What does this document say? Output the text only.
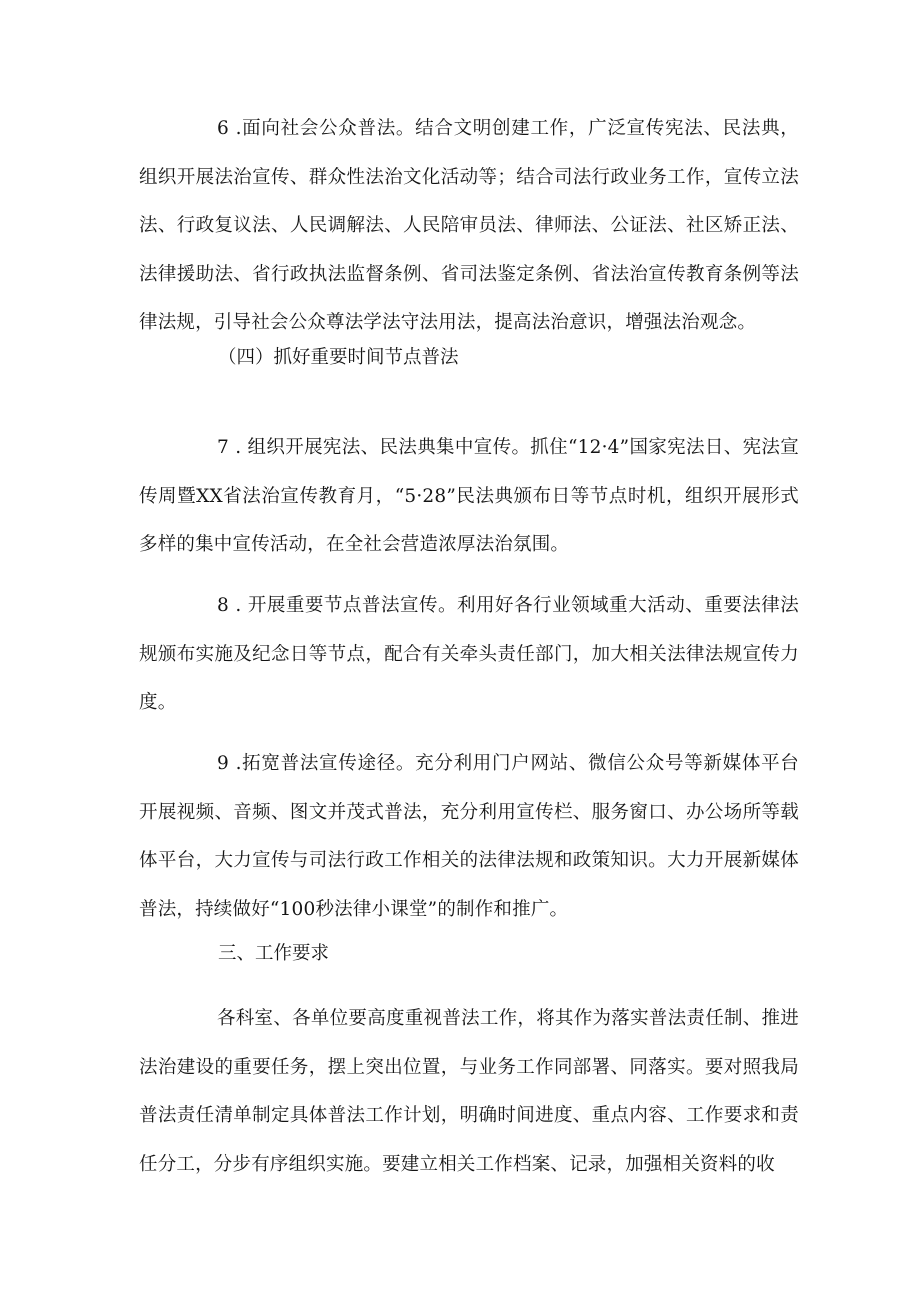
6 .面向社会公众普法。结合文明创建工作，广泛宣传宪法、民法典，组织开展法治宣传、群众性法治文化活动等；结合司法行政业务工作，宣传立法法、行政复议法、人民调解法、人民陪审员法、律师法、公证法、社区矫正法、法律援助法、省行政执法监督条例、省司法鉴定条例、省法治宣传教育条例等法律法规，引导社会公众尊法学法守法用法，提高法治意识，增强法治观念。

（四）抓好重要时间节点普法

7 . 组织开展宪法、民法典集中宣传。抓住“12·4”国家宪法日、宪法宣传周暨XX省法治宣传教育月，“5·28”民法典颁布日等节点时机，组织开展形式多样的集中宣传活动，在全社会营造浓厚法治氛围。

8 . 开展重要节点普法宣传。利用好各行业领域重大活动、重要法律法规颁布实施及纪念日等节点，配合有关牵头责任部门，加大相关法律法规宣传力度。

9 .拓宽普法宣传途径。充分利用门户网站、微信公众号等新媒体平台开展视频、音频、图文并茂式普法，充分利用宣传栏、服务窗口、办公场所等载体平台，大力宣传与司法行政工作相关的法律法规和政策知识。大力开展新媒体普法，持续做好“100秒法律小课堂”的制作和推广。

三、工作要求

各科室、各单位要高度重视普法工作，将其作为落实普法责任制、推进法治建设的重要任务，摆上突出位置，与业务工作同部署、同落实。要对照我局普法责任清单制定具体普法工作计划，明确时间进度、重点内容、工作要求和责任分工，分步有序组织实施。要建立相关工作档案、记录，加强相关资料的收
